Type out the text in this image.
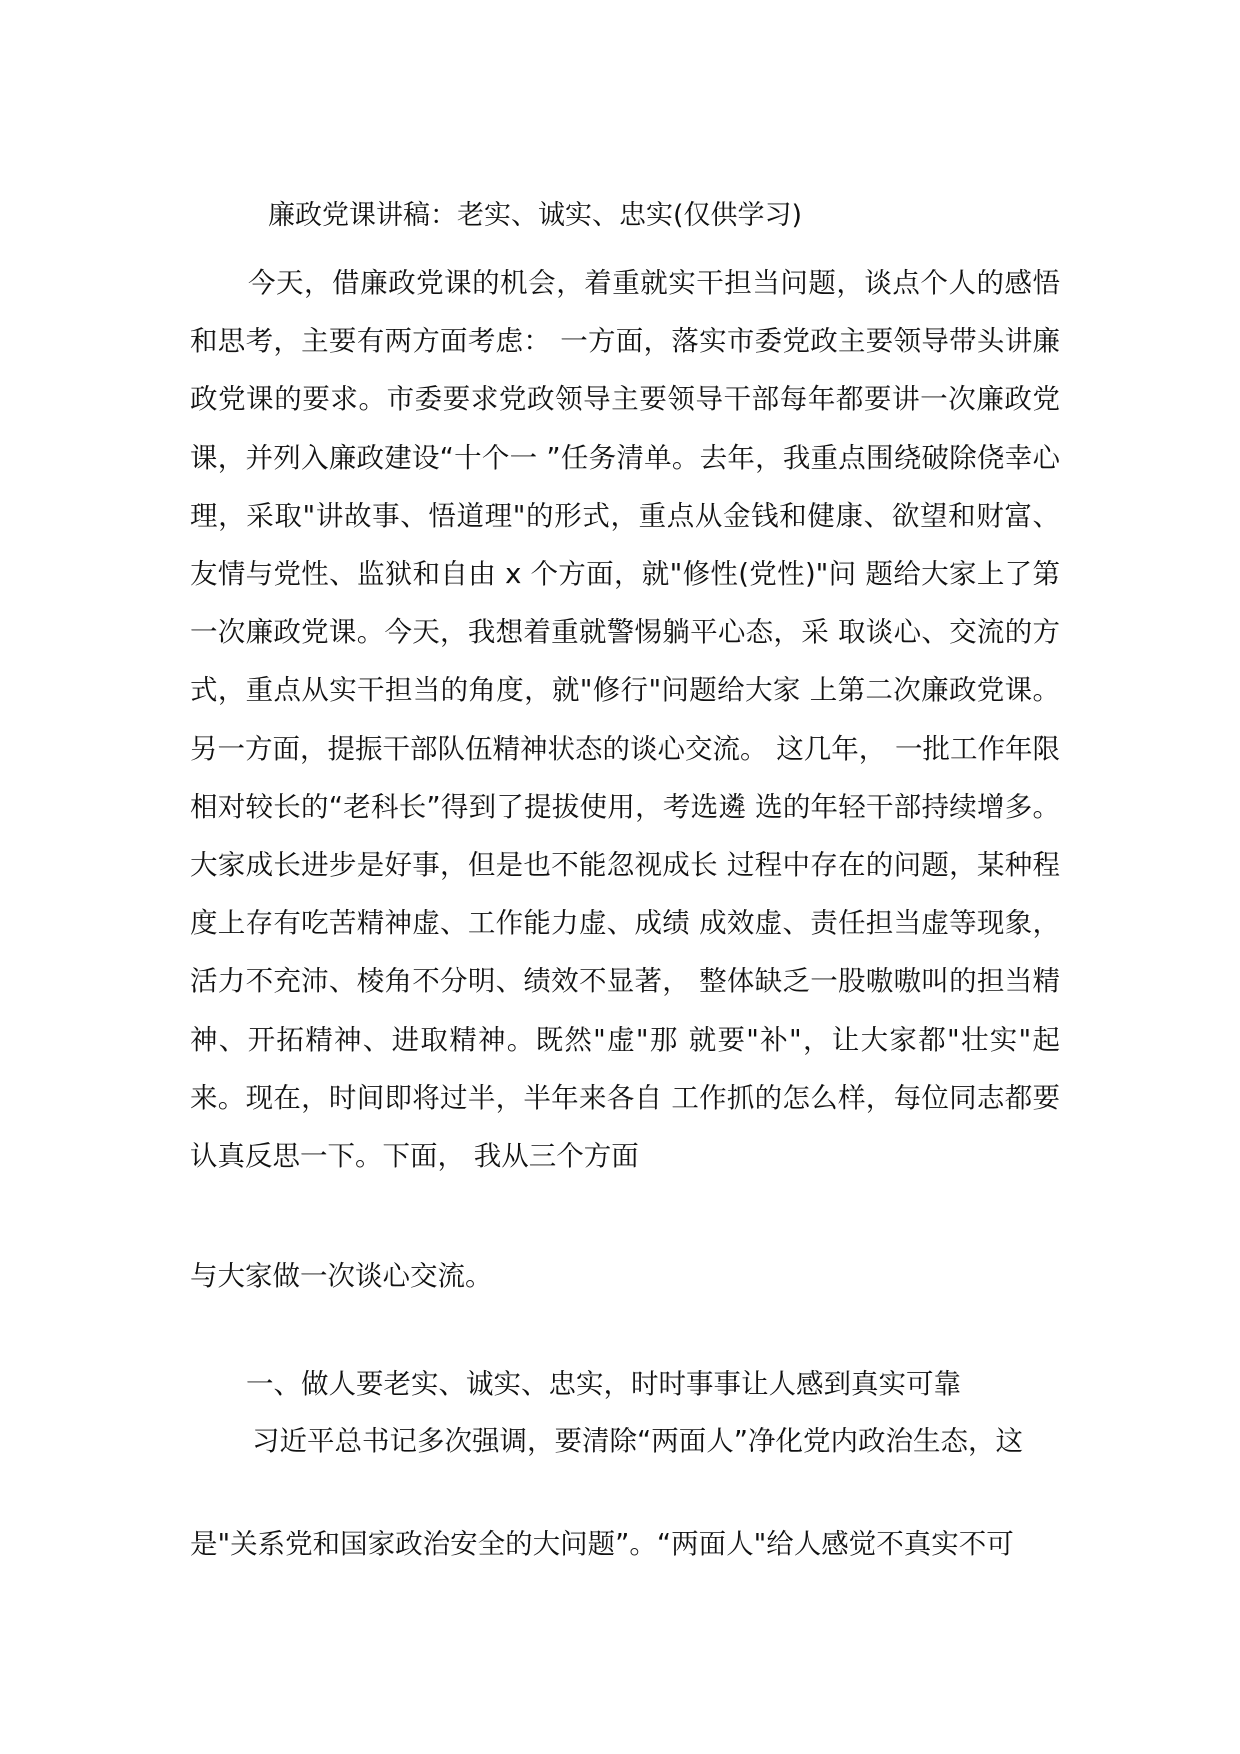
廉政党课讲稿：老实、诚实、忠实(仅供学习)

今天，借廉政党课的机会，着重就实干担当问题，谈点个人的感悟和思考，主要有两方面考虑： 一方面，落实市委党政主要领导带头讲廉政党课的要求。市委要求党政领导主要领导干部每年都要讲一次廉政党课，并列入廉政建设“十个一 ”任务清单。去年，我重点围绕破除侥幸心理，采取"讲故事、悟道理"的形式，重点从金钱和健康、欲望和财富、友情与党性、监狱和自由 x 个方面，就"修性(党性)"问 题给大家上了第一次廉政党课。今天，我想着重就警惕躺平心态，采 取谈心、交流的方式，重点从实干担当的角度，就"修行"问题给大家 上第二次廉政党课。另一方面，提振干部队伍精神状态的谈心交流。 这几年， 一批工作年限相对较长的“老科长”得到了提拔使用，考选遴 选的年轻干部持续增多。大家成长进步是好事，但是也不能忽视成长 过程中存在的问题，某种程度上存有吃苦精神虚、工作能力虚、成绩 成效虚、责任担当虚等现象，活力不充沛、棱角不分明、绩效不显著， 整体缺乏一股嗷嗷叫的担当精神、开拓精神、进取精神。既然"虚"那 就要"补"，让大家都"壮实"起来。现在，时间即将过半，半年来各自 工作抓的怎么样，每位同志都要认真反思一下。下面， 我从三个方面

与大家做一次谈心交流。
一、做人要老实、诚实、忠实，时时事事让人感到真实可靠
习近平总书记多次强调，要清除“两面人”净化党内政治生态，这
是"关系党和国家政治安全的大问题”。“两面人"给人感觉不真实不可
